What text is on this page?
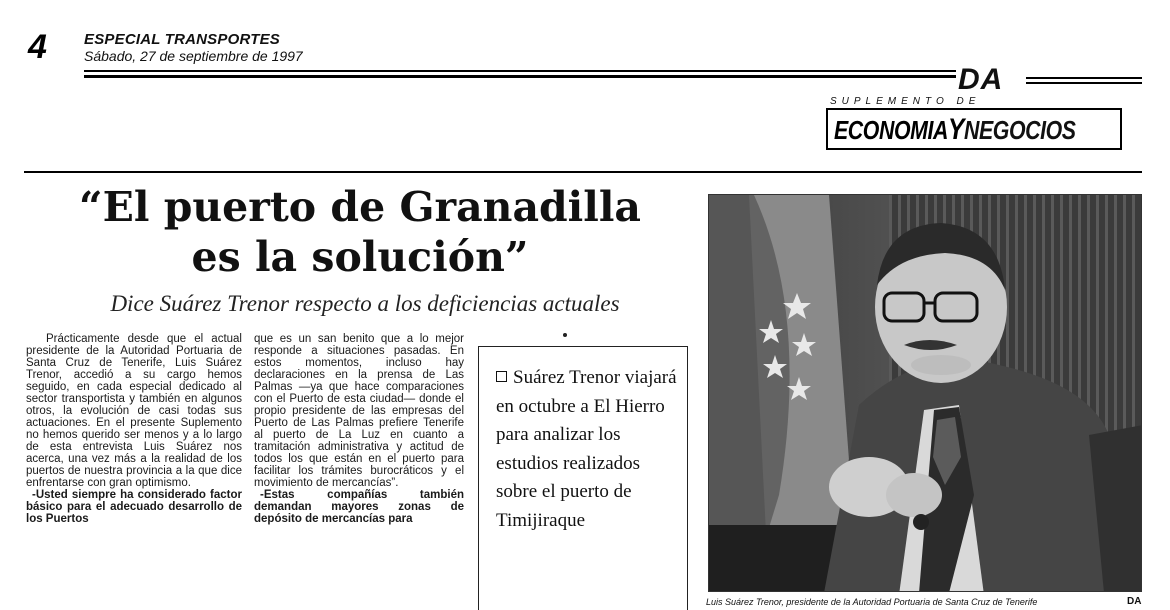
4 ESPECIAL TRANSPORTES
Sábado, 27 de septiembre de 1997
DA
SUPLEMENTO DE
ECONOMIAYNEGOCIOS
“El puerto de Granadilla
es la solución”
Dice Suárez Trenor respecto a los deficiencias actuales

Prácticamente desde que el actual presidente de la Autoridad Portuaria de Santa Cruz de Tenerife, Luis Suárez Trenor, accedió a su cargo hemos seguido, en cada especial dedicado al sector transportista y también en algunos otros, la evolución de casi todas sus actuaciones. En el presente Suplemento no hemos querido ser menos y a lo largo de esta entrevista Luis Suárez nos acerca, una vez más a la realidad de los puertos de nuestra provincia a la que dice enfrentarse con gran optimismo.

-Usted siempre ha considerado factor básico para el adecuado desarrollo de los Puertos

que es un san benito que a lo mejor responde a situaciones pasadas. En estos momentos, incluso hay declaraciones en la prensa de Las Palmas —ya que hace comparaciones con el Puerto de esta ciudad— donde el propio presidente de las empresas del Puerto de Las Palmas prefiere Tenerife al puerto de La Luz en cuanto a tramitación administrativa y actitud de todos los que están en el puerto para facilitar los trámites burocráticos y el movimiento de mercancías”.

-Estas compañías también demandan mayores zonas de depósito de mercancías para

Suárez Trenor viajará en octubre a El Hierro para analizar los estudios realizados sobre el puerto de Timijiraque
Luis Suárez Trenor, presidente de la Autoridad Portuaria de Santa Cruz de Tenerife	DA
